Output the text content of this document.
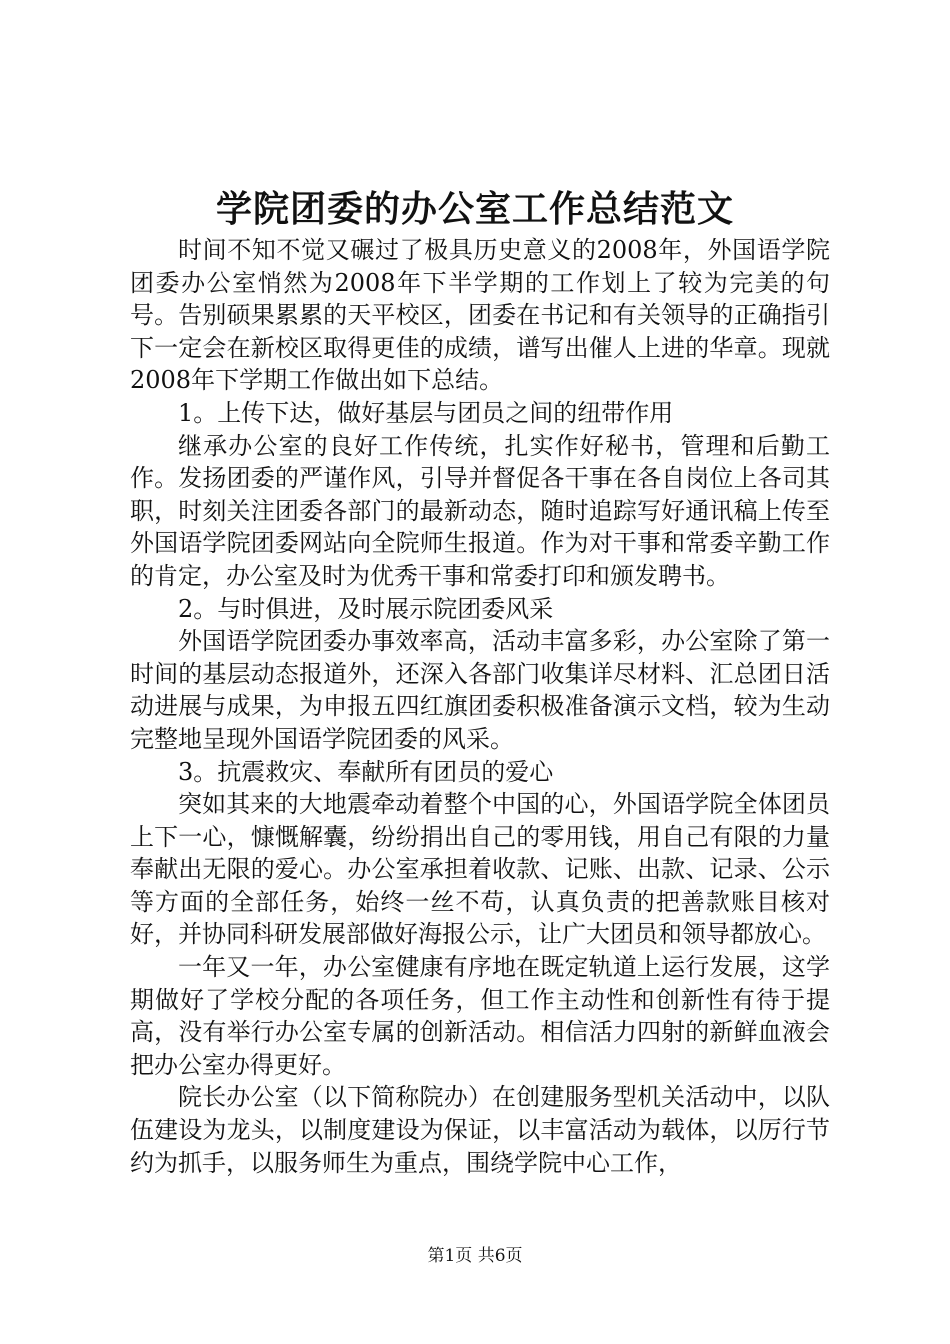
学院团委的办公室工作总结范文

时间不知不觉又碾过了极具历史意义的2008年，外国语学院团委办公室悄然为2008年下半学期的工作划上了较为完美的句号。告别硕果累累的天平校区，团委在书记和有关领导的正确指引下一定会在新校区取得更佳的成绩，谱写出催人上进的华章。现就2008年下学期工作做出如下总结。

1。上传下达，做好基层与团员之间的纽带作用

继承办公室的良好工作传统，扎实作好秘书，管理和后勤工作。发扬团委的严谨作风，引导并督促各干事在各自岗位上各司其职，时刻关注团委各部门的最新动态，随时追踪写好通讯稿上传至外国语学院团委网站向全院师生报道。作为对干事和常委辛勤工作的肯定，办公室及时为优秀干事和常委打印和颁发聘书。

2。与时俱进，及时展示院团委风采

外国语学院团委办事效率高，活动丰富多彩，办公室除了第一时间的基层动态报道外，还深入各部门收集详尽材料、汇总团日活动进展与成果，为申报五四红旗团委积极准备演示文档，较为生动完整地呈现外国语学院团委的风采。

3。抗震救灾、奉献所有团员的爱心

突如其来的大地震牵动着整个中国的心，外国语学院全体团员上下一心，慷慨解囊，纷纷捐出自己的零用钱，用自己有限的力量奉献出无限的爱心。办公室承担着收款、记账、出款、记录、公示等方面的全部任务，始终一丝不苟，认真负责的把善款账目核对好，并协同科研发展部做好海报公示，让广大团员和领导都放心。

一年又一年，办公室健康有序地在既定轨道上运行发展，这学期做好了学校分配的各项任务，但工作主动性和创新性有待于提高，没有举行办公室专属的创新活动。相信活力四射的新鲜血液会把办公室办得更好。

院长办公室（以下简称院办）在创建服务型机关活动中，以队伍建设为龙头，以制度建设为保证，以丰富活动为载体，以厉行节约为抓手，以服务师生为重点，围绕学院中心工作，

第1页 共6页
